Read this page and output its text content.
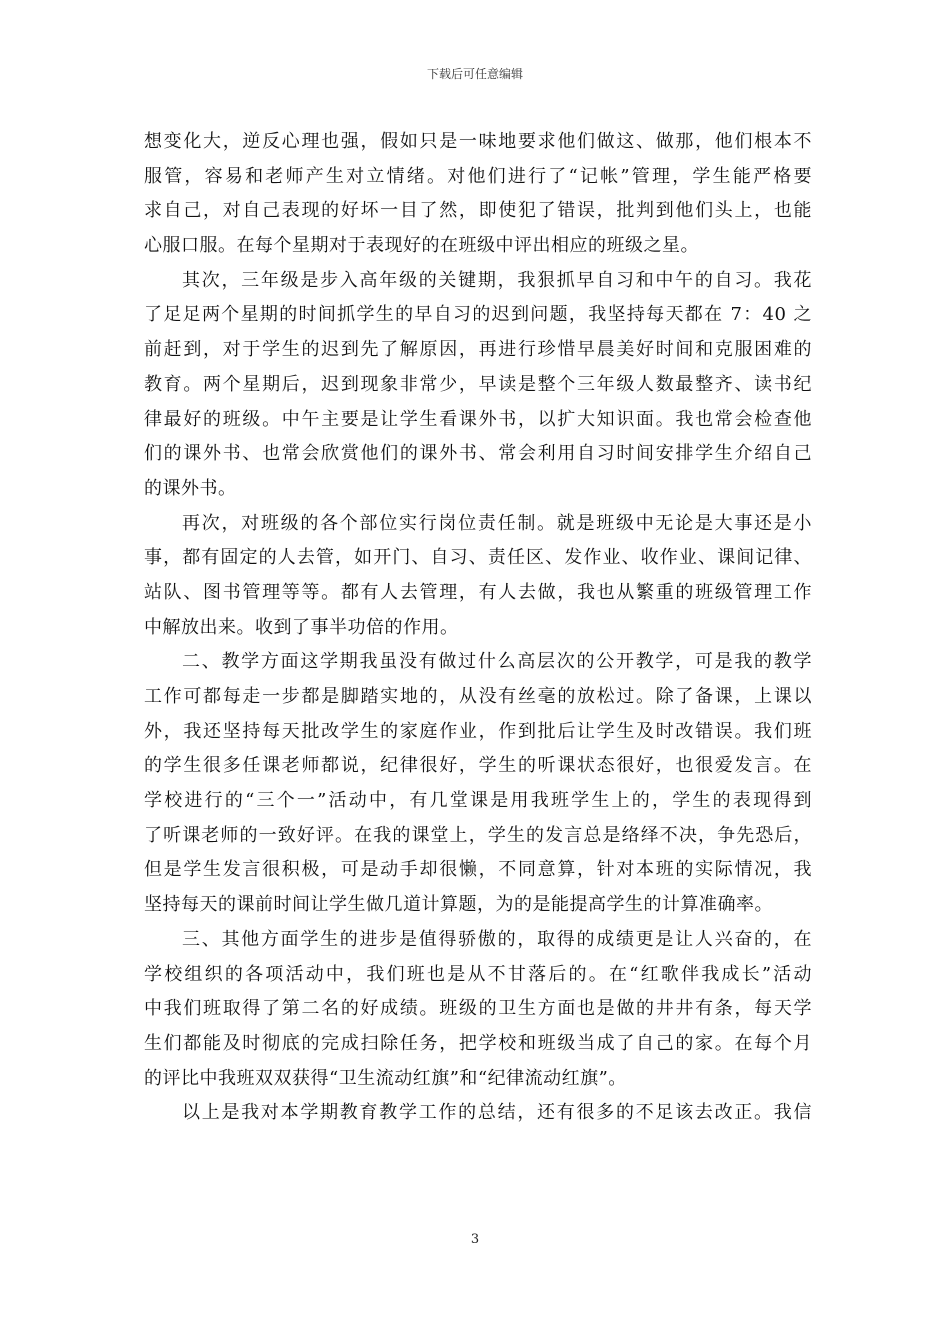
下载后可任意编辑
想变化大，逆反心理也强，假如只是一味地要求他们做这、做那，他们根本不
服管，容易和老师产生对立情绪。对他们进行了“记帐”管理，学生能严格要
求自己，对自己表现的好坏一目了然，即使犯了错误，批判到他们头上，也能
心服口服。在每个星期对于表现好的在班级中评出相应的班级之星。
其次，三年级是步入高年级的关键期，我狠抓早自习和中午的自习。我花
了足足两个星期的时间抓学生的早自习的迟到问题，我坚持每天都在 7：40 之
前赶到，对于学生的迟到先了解原因，再进行珍惜早晨美好时间和克服困难的
教育。两个星期后，迟到现象非常少，早读是整个三年级人数最整齐、读书纪
律最好的班级。中午主要是让学生看课外书，以扩大知识面。我也常会检查他
们的课外书、也常会欣赏他们的课外书、常会利用自习时间安排学生介绍自己
的课外书。
再次，对班级的各个部位实行岗位责任制。就是班级中无论是大事还是小
事，都有固定的人去管，如开门、自习、责任区、发作业、收作业、课间记律、
站队、图书管理等等。都有人去管理，有人去做，我也从繁重的班级管理工作
中解放出来。收到了事半功倍的作用。
二、教学方面这学期我虽没有做过什么高层次的公开教学，可是我的教学
工作可都每走一步都是脚踏实地的，从没有丝毫的放松过。除了备课，上课以
外，我还坚持每天批改学生的家庭作业，作到批后让学生及时改错误。我们班
的学生很多任课老师都说，纪律很好，学生的听课状态很好，也很爱发言。在
学校进行的“三个一”活动中，有几堂课是用我班学生上的，学生的表现得到
了听课老师的一致好评。在我的课堂上，学生的发言总是络绎不决，争先恐后，
但是学生发言很积极，可是动手却很懒，不同意算，针对本班的实际情况，我
坚持每天的课前时间让学生做几道计算题，为的是能提高学生的计算准确率。
三、其他方面学生的进步是值得骄傲的，取得的成绩更是让人兴奋的，在
学校组织的各项活动中，我们班也是从不甘落后的。在“红歌伴我成长”活动
中我们班取得了第二名的好成绩。班级的卫生方面也是做的井井有条，每天学
生们都能及时彻底的完成扫除任务，把学校和班级当成了自己的家。在每个月
的评比中我班双双获得“卫生流动红旗”和“纪律流动红旗”。
以上是我对本学期教育教学工作的总结，还有很多的不足该去改正。我信
3
